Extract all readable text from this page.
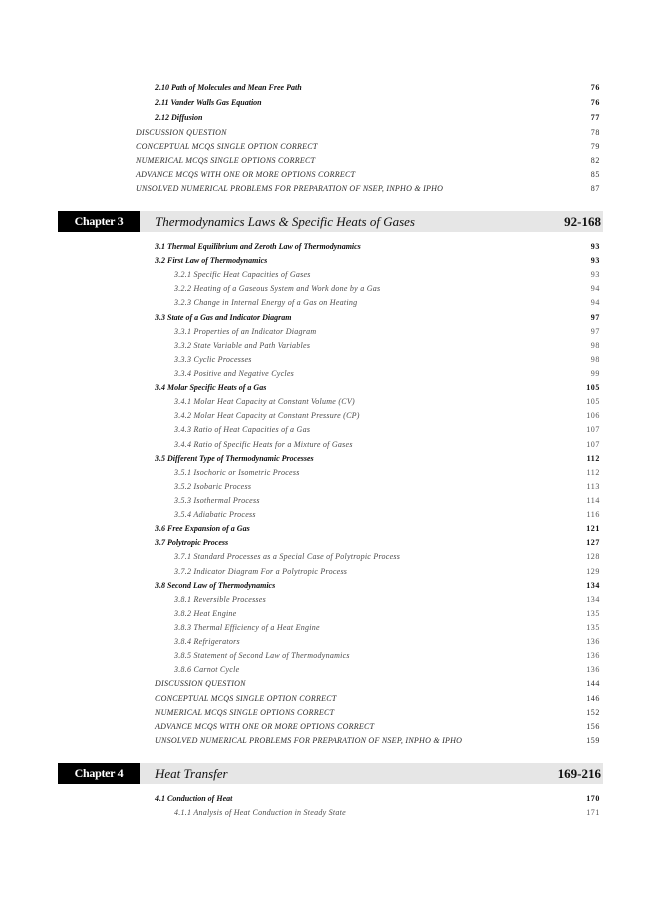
2.10 Path of Molecules and Mean Free Path	76
2.11 Vander Walls Gas Equation	76
2.12 Diffusion	77
DISCUSSION QUESTION	78
CONCEPTUAL MCQS SINGLE OPTION CORRECT	79
NUMERICAL MCQS SINGLE OPTIONS CORRECT	82
ADVANCE MCQS WITH ONE OR MORE OPTIONS CORRECT	85
UNSOLVED NUMERICAL PROBLEMS FOR PREPARATION OF NSEP, INPHO & IPHO	87
Chapter 3	Thermodynamics Laws & Specific Heats of Gases	92-168
3.1 Thermal Equilibrium and Zeroth Law of Thermodynamics	93
3.2 First Law of Thermodynamics	93
3.2.1 Specific Heat Capacities of Gases	93
3.2.2 Heating of a Gaseous System and Work done by a Gas	94
3.2.3 Change in Internal Energy of a Gas on Heating	94
3.3 State of a Gas and Indicator Diagram	97
3.3.1 Properties of an Indicator Diagram	97
3.3.2 State Variable and Path Variables	98
3.3.3 Cyclic Processes	98
3.3.4 Positive and Negative Cycles	99
3.4 Molar Specific Heats of a Gas	105
3.4.1 Molar Heat Capacity at Constant Volume (CV)	105
3.4.2 Molar Heat Capacity at Constant Pressure (CP)	106
3.4.3 Ratio of Heat Capacities of a Gas	107
3.4.4 Ratio of Specific Heats for a Mixture of Gases	107
3.5 Different Type of Thermodynamic Processes	112
3.5.1 Isochoric or Isometric Process	112
3.5.2 Isobaric Process	113
3.5.3 Isothermal Process	114
3.5.4 Adiabatic Process	116
3.6 Free Expansion of a Gas	121
3.7 Polytropic Process	127
3.7.1 Standard Processes as a Special Case of Polytropic Process	128
3.7.2 Indicator Diagram For a Polytropic Process	129
3.8 Second Law of Thermodynamics	134
3.8.1 Reversible Processes	134
3.8.2 Heat Engine	135
3.8.3 Thermal Efficiency of a Heat Engine	135
3.8.4 Refrigerators	136
3.8.5 Statement of Second Law of Thermodynamics	136
3.8.6 Carnot Cycle	136
DISCUSSION QUESTION	144
CONCEPTUAL MCQS SINGLE OPTION CORRECT	146
NUMERICAL MCQS SINGLE OPTIONS CORRECT	152
ADVANCE MCQS WITH ONE OR MORE OPTIONS CORRECT	156
UNSOLVED NUMERICAL PROBLEMS FOR PREPARATION OF NSEP, INPHO & IPHO	159
Chapter 4	Heat Transfer	169-216
4.1 Conduction of Heat	170
4.1.1 Analysis of Heat Conduction in Steady State	171
